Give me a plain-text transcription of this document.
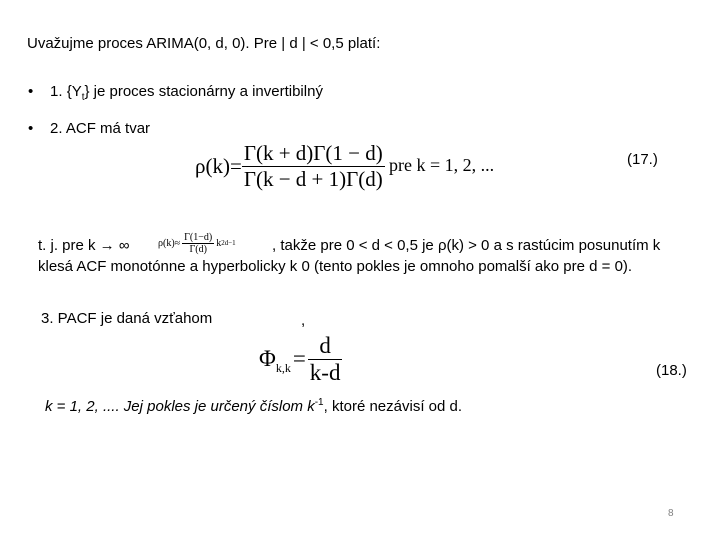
Uvažujme proces ARIMA(0, d, 0). Pre | d | < 0,5 platí:
• 1. $\{Y_t\}$ je proces stacionárny a invertibilný
• 2. ACF má tvar
$\rho(k) = \frac{\Gamma(k + d)\Gamma(1 - d)}{\Gamma(k - d + 1)\Gamma(d)}$ pre k = 1, 2, ...	(17.)
t. j. pre k → ∞	$\rho(k)\approx \frac{\Gamma(1-d)}{\Gamma(d)}$ k 2d−1 , takže pre 0 < d < 0,5 je ρ(k) > 0 a s rastúcim posunutím k
klesá ACF monotónne a hyperbolicky k 0 (tento pokles je omnoho pomalší ako pre d = 0).
3. PACF je daná vzťahom	,
$\Phi_{k,k} = \frac{d}{k-d}$	(18.)
k = 1, 2, .... Jej pokles je určený číslom $k^{-1}$, ktoré nezávisí od d.
8
